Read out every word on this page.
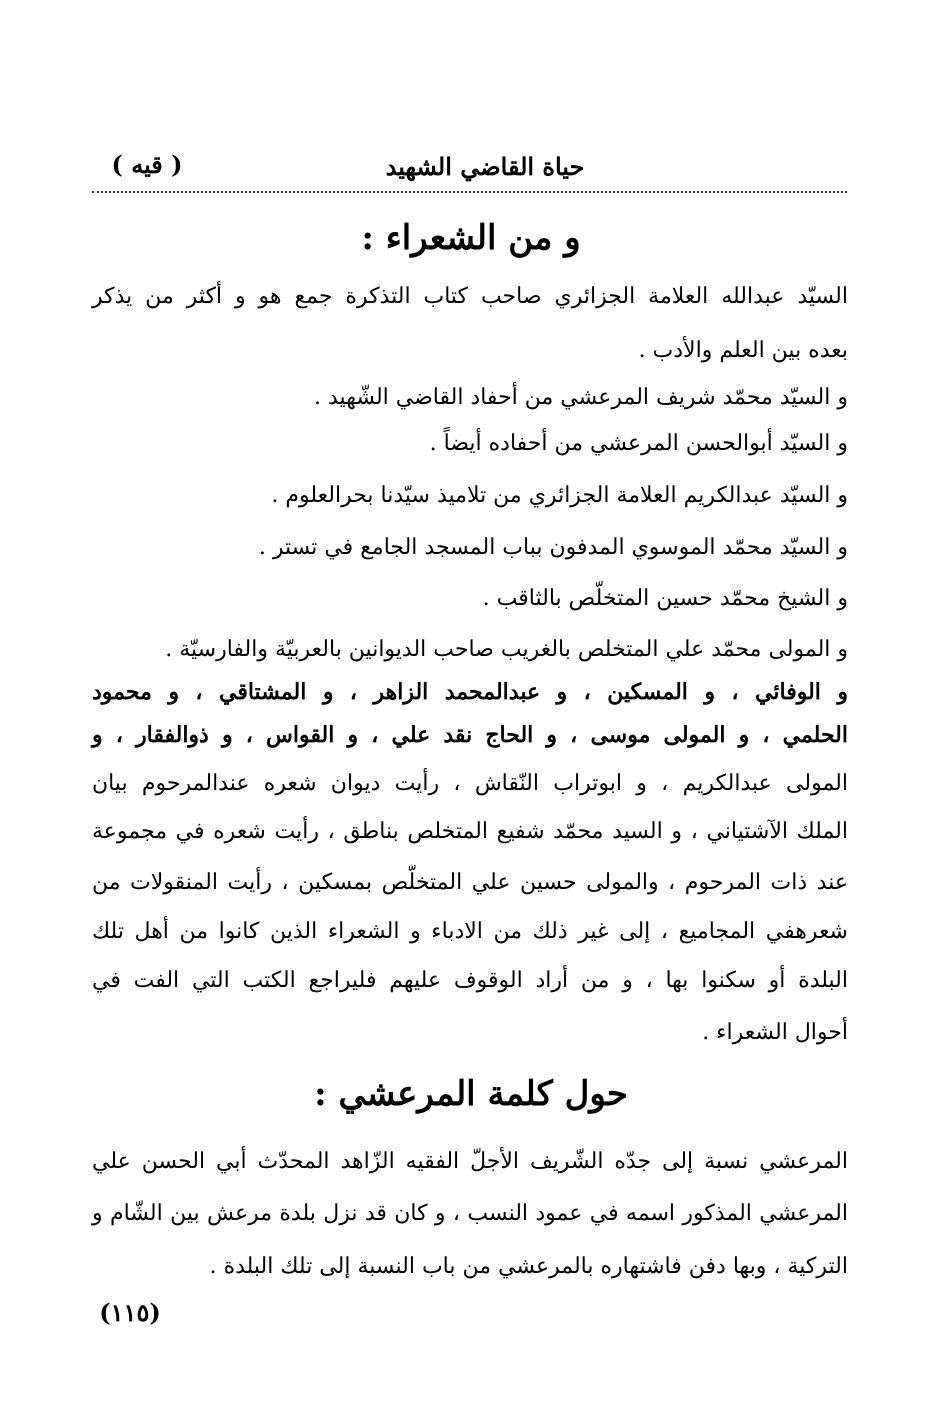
حياة القاضي الشهيد
( قيه )
و من الشعراء :
السيّد عبدالله العلامة الجزائري صاحب كتاب التذكرة جمع هو و أكثر من يذكر
بعده بين العلم والأدب .
و السيّد محمّد شريف المرعشي من أحفاد القاضي الشّهيد .
و السيّد أبوالحسن المرعشي من أحفاده أيضاً .
و السيّد عبدالكريم العلامة الجزائري من تلاميذ سيّدنا بحرالعلوم .
و السيّد محمّد الموسوي المدفون بباب المسجد الجامع في تستر .
و الشيخ محمّد حسين المتخلّص بالثاقب .
و المولى محمّد علي المتخلص بالغريب صاحب الديوانين بالعربيّة والفارسيّة .
و الوفائي ، و المسكين ، و عبدالمحمد الزاهر ، و المشتاقي ، و محمود
الحلمي ، و المولى موسى ، و الحاج نقد علي ، و القواس ، و ذوالفقار ، و
المولى عبدالكريم ، و ابوتراب النّقاش ، رأيت ديوان شعره عندالمرحوم بيان
الملك الآشتياني ، و السيد محمّد شفيع المتخلص بناطق ، رأيت شعره في مجموعة
عند ذات المرحوم ، والمولى حسين علي المتخلّص بمسكين ، رأيت المنقولات من
شعرهفي المجاميع ، إلى غير ذلك من الادباء و الشعراء الذين كانوا من أهل تلك
البلدة أو سكنوا بها ، و من أراد الوقوف عليهم فليراجع الكتب التي الفت في
أحوال الشعراء .
حول كلمة المرعشي :
المرعشي نسبة إلى جدّه الشّريف الأجلّ الفقيه الزّاهد المحدّث أبي الحسن علي
المرعشي المذكور اسمه في عمود النسب ، و كان قد نزل بلدة مرعش بين الشّام و
التركية ، وبها دفن فاشتهاره بالمرعشي من باب النسبة إلى تلك البلدة .
(١١٥)
